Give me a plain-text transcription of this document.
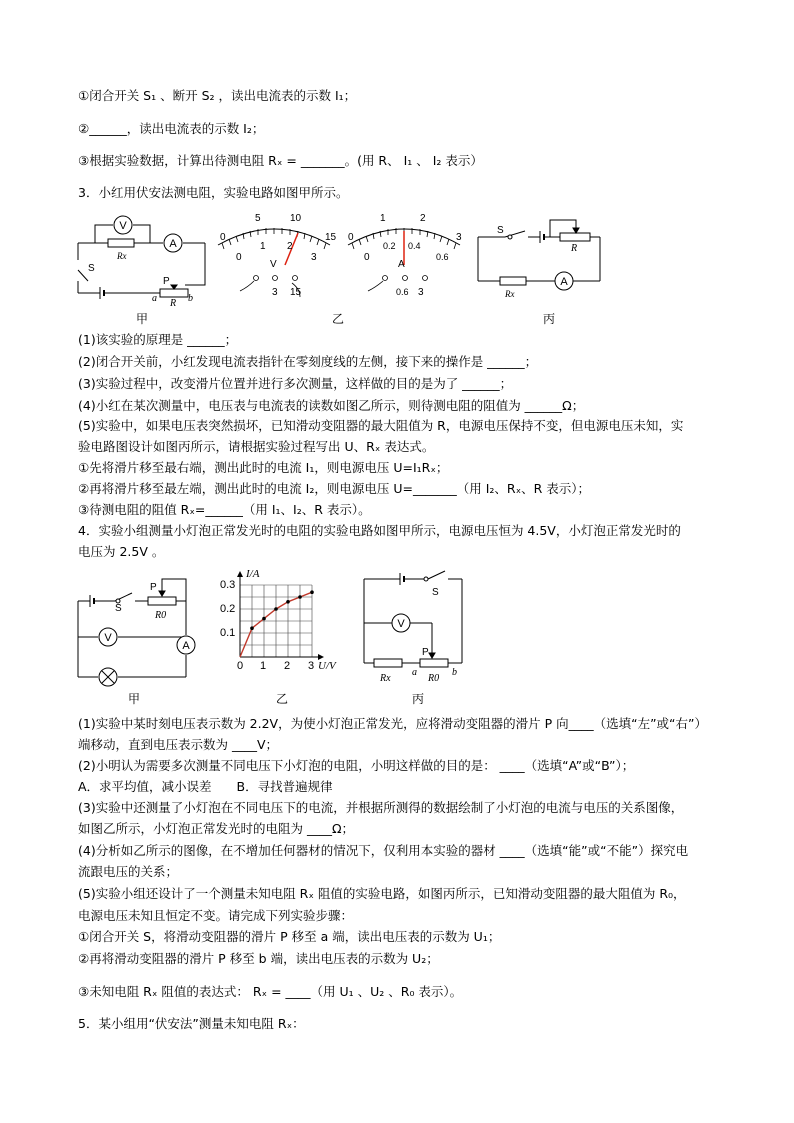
①闭合开关 S₁ 、断开 S₂ ，读出电流表的示数 I₁；
②______，读出电流表的示数 I₂；
③根据实验数据，计算出待测电阻 Rₓ = _______。(用 R、 I₁ 、 I₂ 表示）
3．小红用伏安法测电阻，实验电路如图甲所示。
V
A
Rx
S
P
a R b
0
5	10
15
0
1 2
3
V
3 15
0
1	2
3
0
0.2 0.4
0.6
A
0.6 3
A
S
R
Rx
甲	乙	丙
(1)该实验的原理是 ______；
(2)闭合开关前，小红发现电流表指针在零刻度线的左侧，接下来的操作是 ______；
(3)实验过程中，改变滑片位置并进行多次测量，这样做的目的是为了 ______；
(4)小红在某次测量中，电压表与电流表的读数如图乙所示，则待测电阻的阻值为 ______Ω；
(5)实验中，如果电压表突然损坏，已知滑动变阻器的最大阻值为 R，电源电压保持不变，但电源电压未知，实
验电路图设计如图丙所示，请根据实验过程写出 U、Rₓ 表达式。
①先将滑片移至最右端，测出此时的电流 I₁，则电源电压 U=I₁Rₓ；
②再将滑片移至最左端，测出此时的电流 I₂，则电源电压 U=_______（用 I₂、Rₓ、R 表示）；
③待测电阻的阻值 Rₓ=______（用 I₁、I₂、R 表示）。
4．实验小组测量小灯泡正常发光时的电阻的实验电路如图甲所示，电源电压恒为 4.5V，小灯泡正常发光时的
电压为 2.5V 。
V
A
S
P
R0
I/A
U/V
0.3
0.2
0.1
0 1 2 3
V
S
P
Rx
a
R0
b
甲	乙	丙
(1)实验中某时刻电压表示数为 2.2V，为使小灯泡正常发光，应将滑动变阻器的滑片 P 向____（选填“左”或“右”）
端移动，直到电压表示数为 ____V；
(2)小明认为需要多次测量不同电压下小灯泡的电阻，小明这样做的目的是： ____（选填“A”或“B”）；
A．求平均值，减小误差　　B．寻找普遍规律
(3)实验中还测量了小灯泡在不同电压下的电流，并根据所测得的数据绘制了小灯泡的电流与电压的关系图像，
如图乙所示，小灯泡正常发光时的电阻为 ____Ω；
(4)分析如乙所示的图像，在不增加任何器材的情况下，仅利用本实验的器材 ____（选填“能”或“不能”）探究电
流跟电压的关系；
(5)实验小组还设计了一个测量未知电阻 Rₓ 阻值的实验电路，如图丙所示，已知滑动变阻器的最大阻值为 R₀，
电源电压未知且恒定不变。请完成下列实验步骤：
①闭合开关 S，将滑动变阻器的滑片 P 移至 a 端，读出电压表的示数为 U₁；
②再将滑动变阻器的滑片 P 移至 b 端，读出电压表的示数为 U₂；
③未知电阻 Rₓ 阻值的表达式： Rₓ = ____（用 U₁ 、U₂ 、R₀ 表示）。
5．某小组用“伏安法”测量未知电阻 Rₓ：
